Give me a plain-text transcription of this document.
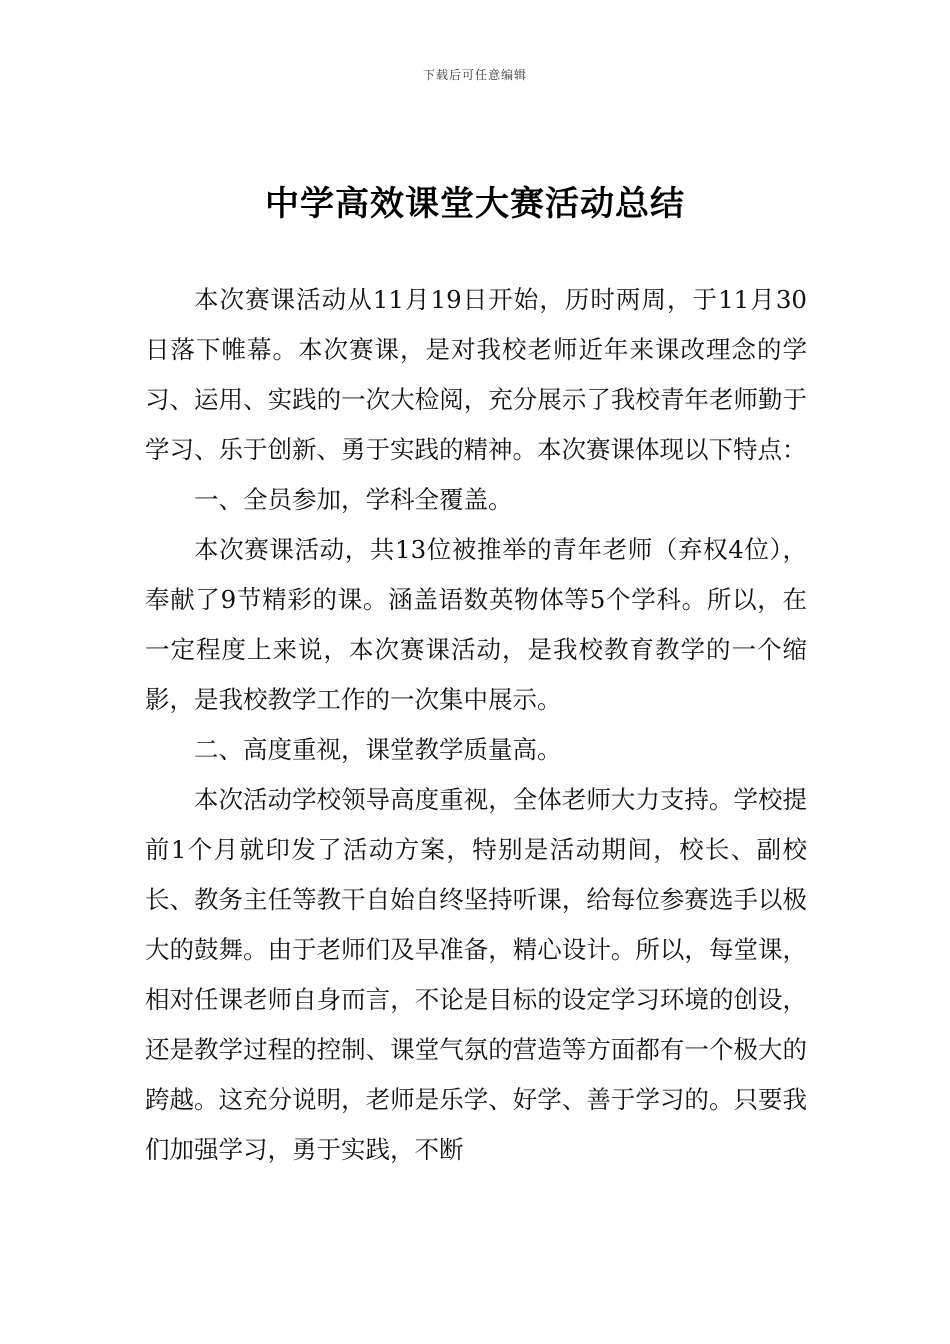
下载后可任意编辑
中学高效课堂大赛活动总结

本次赛课活动从11月19日开始，历时两周，于11月30日落下帷幕。本次赛课，是对我校老师近年来课改理念的学习、运用、实践的一次大检阅，充分展示了我校青年老师勤于学习、乐于创新、勇于实践的精神。本次赛课体现以下特点：

一、全员参加，学科全覆盖。

本次赛课活动，共13位被推举的青年老师（弃权4位），奉献了9节精彩的课。涵盖语数英物体等5个学科。所以，在一定程度上来说，本次赛课活动，是我校教育教学的一个缩影，是我校教学工作的一次集中展示。

二、高度重视，课堂教学质量高。

本次活动学校领导高度重视，全体老师大力支持。学校提前1个月就印发了活动方案，特别是活动期间，校长、副校长、教务主任等教干自始自终坚持听课，给每位参赛选手以极大的鼓舞。由于老师们及早准备，精心设计。所以，每堂课，相对任课老师自身而言，不论是目标的设定学习环境的创设，还是教学过程的控制、课堂气氛的营造等方面都有一个极大的跨越。这充分说明，老师是乐学、好学、善于学习的。只要我们加强学习，勇于实践，不断
